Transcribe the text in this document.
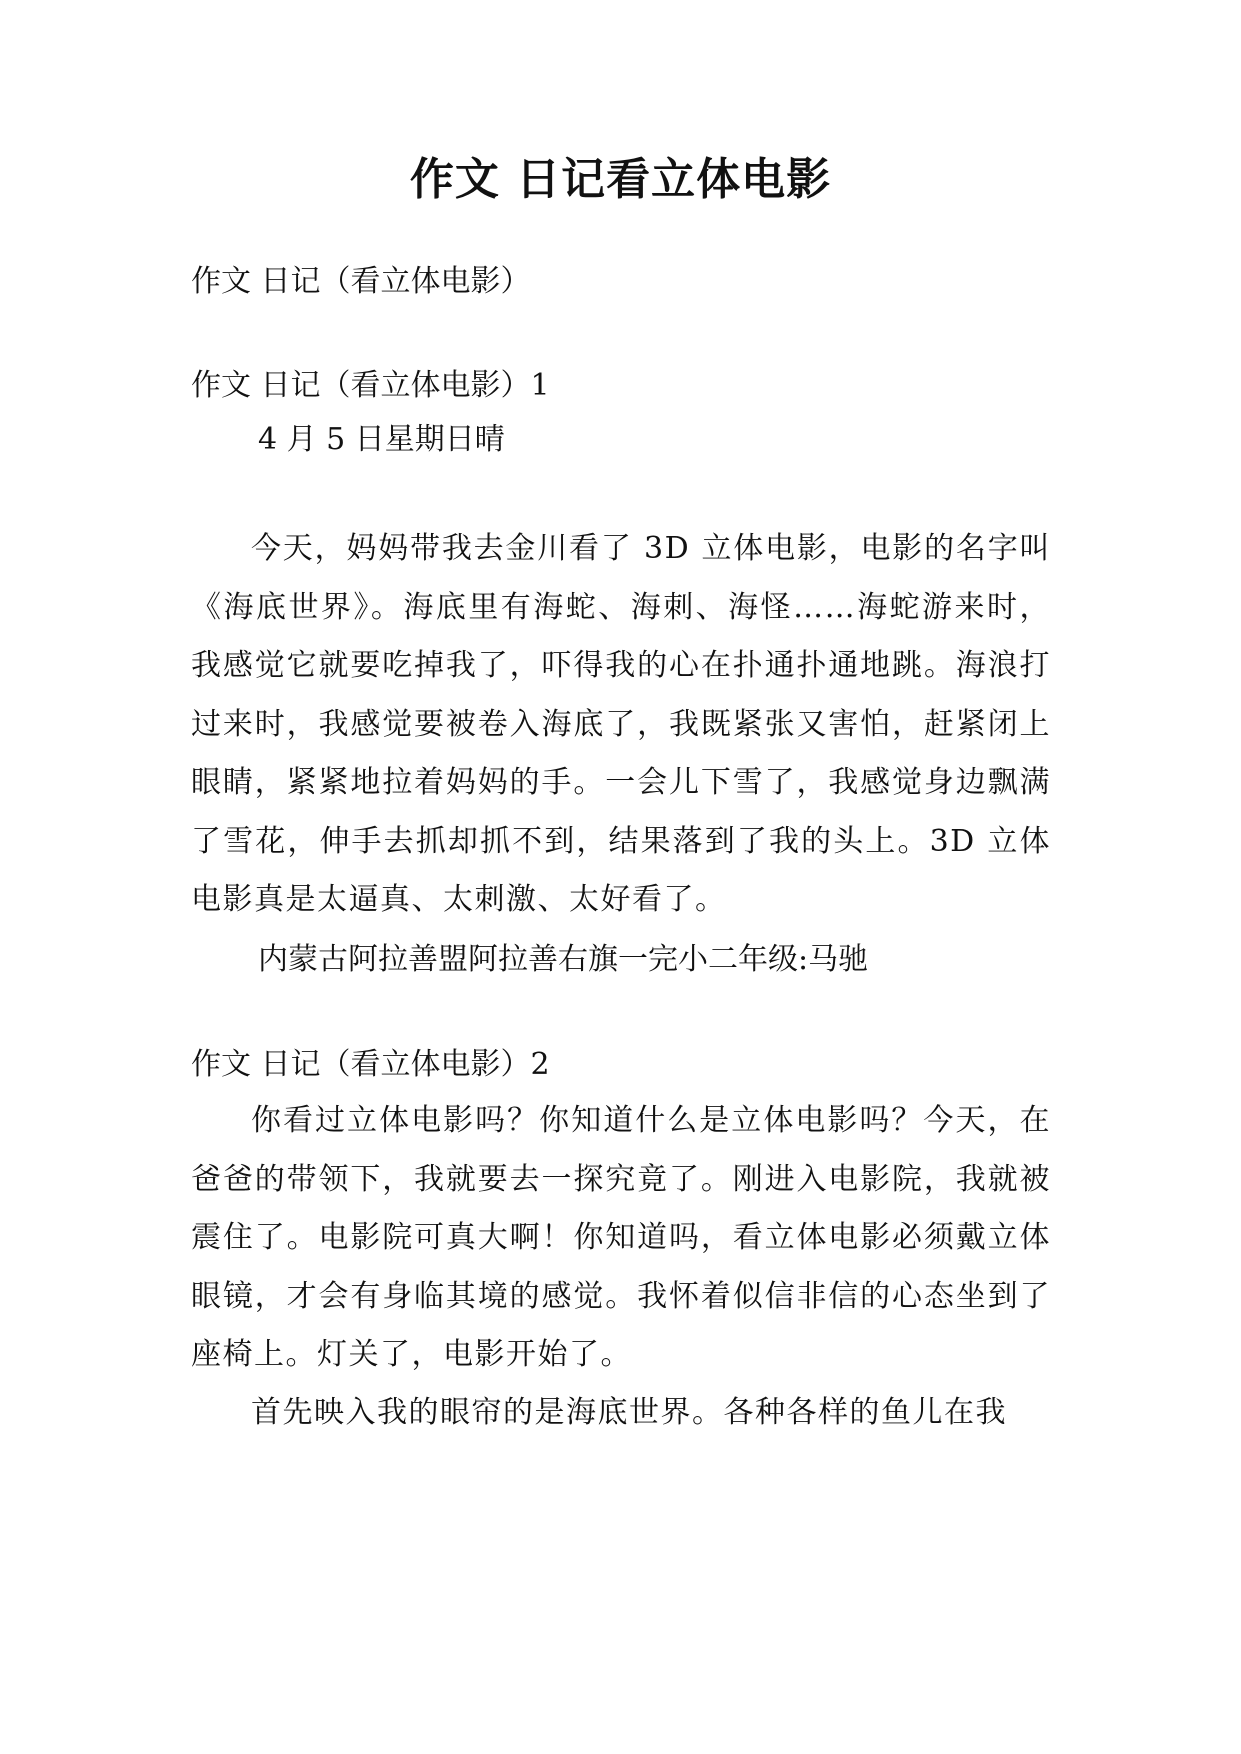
作文 日记看立体电影

作文 日记（看立体电影）

作文 日记（看立体电影）1

4 月 5 日星期日晴

今天，妈妈带我去金川看了 3D 立体电影，电影的名字叫《海底世界》。海底里有海蛇、海刺、海怪……海蛇游来时，我感觉它就要吃掉我了，吓得我的心在扑通扑通地跳。海浪打过来时，我感觉要被卷入海底了，我既紧张又害怕，赶紧闭上眼睛，紧紧地拉着妈妈的手。一会儿下雪了，我感觉身边飘满了雪花，伸手去抓却抓不到，结果落到了我的头上。3D 立体电影真是太逼真、太刺激、太好看了。

内蒙古阿拉善盟阿拉善右旗一完小二年级:马驰

作文 日记（看立体电影）2

你看过立体电影吗？你知道什么是立体电影吗？今天，在爸爸的带领下，我就要去一探究竟了。刚进入电影院，我就被震住了。电影院可真大啊！你知道吗，看立体电影必须戴立体眼镜，才会有身临其境的感觉。我怀着似信非信的心态坐到了座椅上。灯关了，电影开始了。

首先映入我的眼帘的是海底世界。各种各样的鱼儿在我
